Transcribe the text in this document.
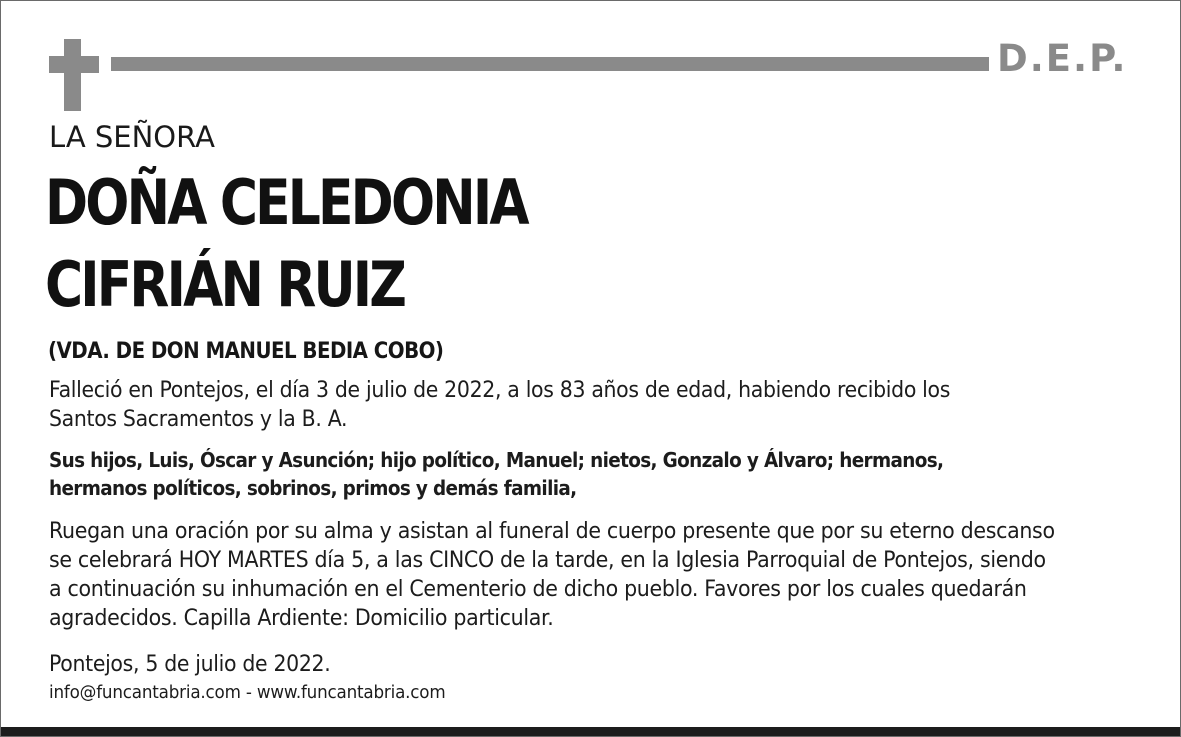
D.E.P.
LA SEÑORA
DOÑA CELEDONIA
CIFRIÁN RUIZ
(VDA. DE DON MANUEL BEDIA COBO)
Falleció en Pontejos, el día 3 de julio de 2022, a los 83 años de edad, habiendo recibido los
Santos Sacramentos y la B. A.
Sus hijos, Luis, Óscar y Asunción; hijo político, Manuel; nietos, Gonzalo y Álvaro; hermanos,
hermanos políticos, sobrinos, primos y demás familia,
Ruegan una oración por su alma y asistan al funeral de cuerpo presente que por su eterno descanso
se celebrará HOY MARTES día 5, a las CINCO de la tarde, en la Iglesia Parroquial de Pontejos, siendo
a continuación su inhumación en el Cementerio de dicho pueblo. Favores por los cuales quedarán
agradecidos. Capilla Ardiente: Domicilio particular.
Pontejos, 5 de julio de 2022.
info@funcantabria.com - www.funcantabria.com
